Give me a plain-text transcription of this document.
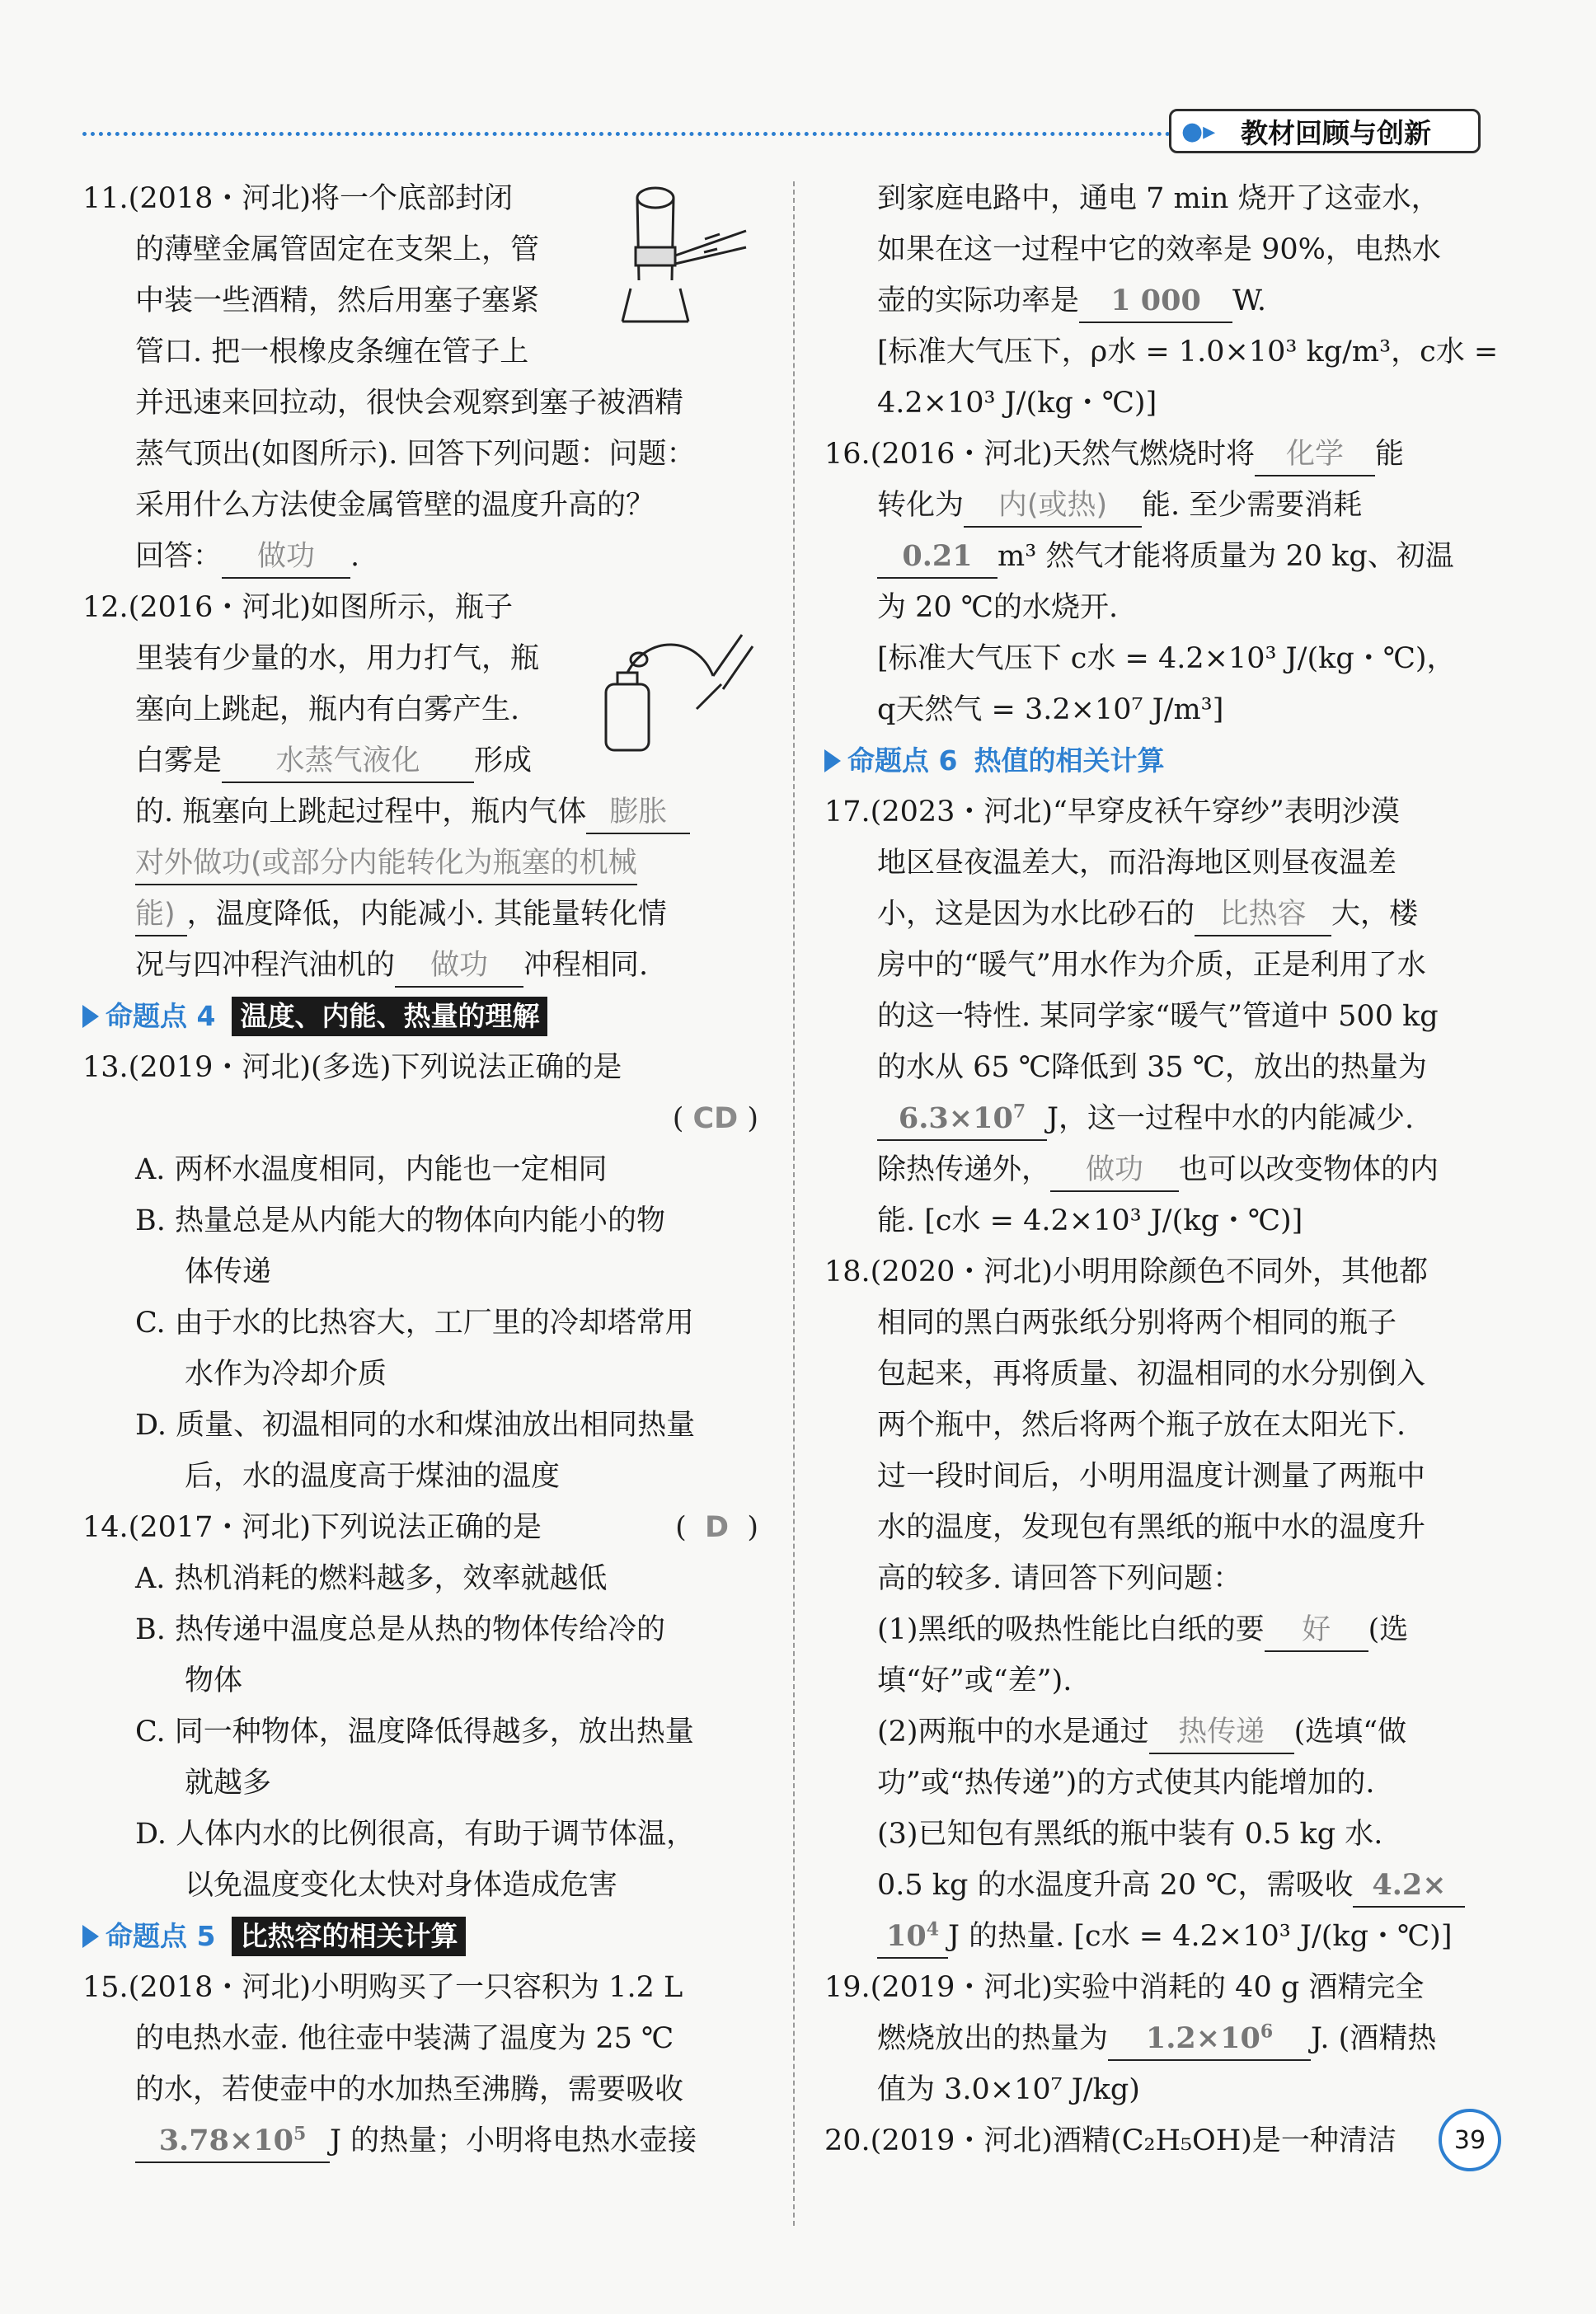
●▸ 教材回顾与创新
11.(2018・河北)将一个底部封闭
的薄壁金属管固定在支架上，管
中装一些酒精，然后用塞子塞紧
管口. 把一根橡皮条缠在管子上
并迅速来回拉动，很快会观察到塞子被酒精
蒸气顶出(如图所示). 回答下列问题：问题：
采用什么方法使金属管壁的温度升高的？
回答： 做功 .
12.(2016・河北)如图所示，瓶子
里装有少量的水，用力打气，瓶
塞向上跳起，瓶内有白雾产生.
白雾是 水蒸气液化 形成
的. 瓶塞向上跳起过程中，瓶内气体 膨胀
对外做功(或部分内能转化为瓶塞的机械
能) ，温度降低，内能减小. 其能量转化情
况与四冲程汽油机的 做功 冲程相同.
命题点 4 温度、内能、热量的理解
13.(2019・河北)(多选)下列说法正确的是
( CD )
A. 两杯水温度相同，内能也一定相同
B. 热量总是从内能大的物体向内能小的物
体传递
C. 由于水的比热容大，工厂里的冷却塔常用
水作为冷却介质
D. 质量、初温相同的水和煤油放出相同热量
后，水的温度高于煤油的温度
14.(2017・河北)下列说法正确的是	(  D  )
A. 热机消耗的燃料越多，效率就越低
B. 热传递中温度总是从热的物体传给冷的
物体
C. 同一种物体，温度降低得越多，放出热量
就越多
D. 人体内水的比例很高，有助于调节体温，
以免温度变化太快对身体造成危害
命题点 5 比热容的相关计算
15.(2018・河北)小明购买了一只容积为 1.2 L
的电热水壶. 他往壶中装满了温度为 25 ℃
的水，若使壶中的水加热至沸腾，需要吸收
$3.78\times 10^5$ J 的热量；小明将电热水壶接
到家庭电路中，通电 7 min 烧开了这壶水，
如果在这一过程中它的效率是 90%，电热水
壶的实际功率是 1 000 W.
[标准大气压下，ρ水 = 1.0×10³ kg/m³，c水 =
4.2×10³ J/(kg・℃)]
16.(2016・河北)天然气燃烧时将 化学 能
转化为 内(或热) 能. 至少需要消耗
0.21 m³ 然气才能将质量为 20 kg、初温
为 20 ℃的水烧开.
[标准大气压下 c水 = 4.2×10³ J/(kg・℃)，
q天然气 = 3.2×10⁷ J/m³]
命题点 6 热值的相关计算
17.(2023・河北)“早穿皮袄午穿纱”表明沙漠
地区昼夜温差大，而沿海地区则昼夜温差
小，这是因为水比砂石的 比热容 大，楼
房中的“暖气”用水作为介质，正是利用了水
的这一特性. 某同学家“暖气”管道中 500 kg
的水从 65 ℃降低到 35 ℃，放出的热量为
$6.3\times 10^7$ J，这一过程中水的内能减少.
除热传递外， 做功 也可以改变物体的内
能. [c水 = 4.2×10³ J/(kg・℃)]
18.(2020・河北)小明用除颜色不同外，其他都
相同的黑白两张纸分别将两个相同的瓶子
包起来，再将质量、初温相同的水分别倒入
两个瓶中，然后将两个瓶子放在太阳光下.
过一段时间后，小明用温度计测量了两瓶中
水的温度，发现包有黑纸的瓶中水的温度升
高的较多. 请回答下列问题：
(1)黑纸的吸热性能比白纸的要 好 (选
填“好”或“差”).
(2)两瓶中的水是通过 热传递 (选填“做
功”或“热传递”)的方式使其内能增加的.
(3)已知包有黑纸的瓶中装有 0.5 kg 水.
0.5 kg 的水温度升高 20 ℃，需吸收 4.2×
$10^4$ J 的热量. [c水 = 4.2×10³ J/(kg・℃)]
19.(2019・河北)实验中消耗的 40 g 酒精完全
燃烧放出的热量为 $1.2\times 10^6$ J. (酒精热
值为 3.0×10⁷ J/kg)
20.(2019・河北)酒精(C₂H₅OH)是一种清洁	39
